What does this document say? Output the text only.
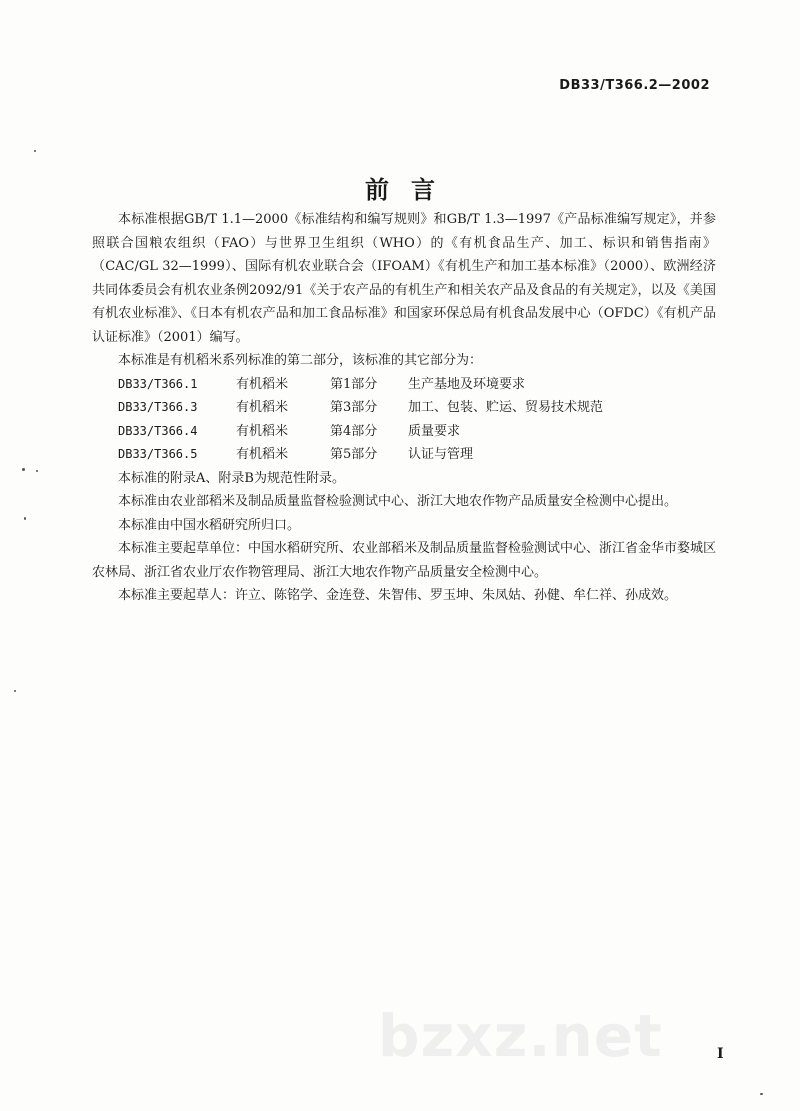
DB33/T366.2—2002
前言

本标准根据GB/T 1.1—2000《标准结构和编写规则》和GB/T 1.3—1997《产品标准编写规定》，并参照联合国粮农组织（FAO）与世界卫生组织（WHO）的《有机食品生产、加工、标识和销售指南》（CAC/GL 32—1999）、国际有机农业联合会（IFOAM）《有机生产和加工基本标准》（2000）、欧洲经济共同体委员会有机农业条例2092/91《关于农产品的有机生产和相关农产品及食品的有关规定》，以及《美国有机农业标准》、《日本有机农产品和加工食品标准》和国家环保总局有机食品发展中心（OFDC）《有机产品认证标准》（2001）编写。

本标准是有机稻米系列标准的第二部分，该标准的其它部分为：

DB33/T366.1	有机稻米	第1部分	生产基地及环境要求
DB33/T366.3	有机稻米	第3部分	加工、包装、贮运、贸易技术规范
DB33/T366.4	有机稻米	第4部分	质量要求
DB33/T366.5	有机稻米	第5部分	认证与管理

本标准的附录A、附录B为规范性附录。

本标准由农业部稻米及制品质量监督检验测试中心、浙江大地农作物产品质量安全检测中心提出。

本标准由中国水稻研究所归口。

本标准主要起草单位：中国水稻研究所、农业部稻米及制品质量监督检验测试中心、浙江省金华市婺城区农林局、浙江省农业厅农作物管理局、浙江大地农作物产品质量安全检测中心。

本标准主要起草人：许立、陈铭学、金连登、朱智伟、罗玉坤、朱凤姑、孙健、牟仁祥、孙成效。

bzxz.net	I
